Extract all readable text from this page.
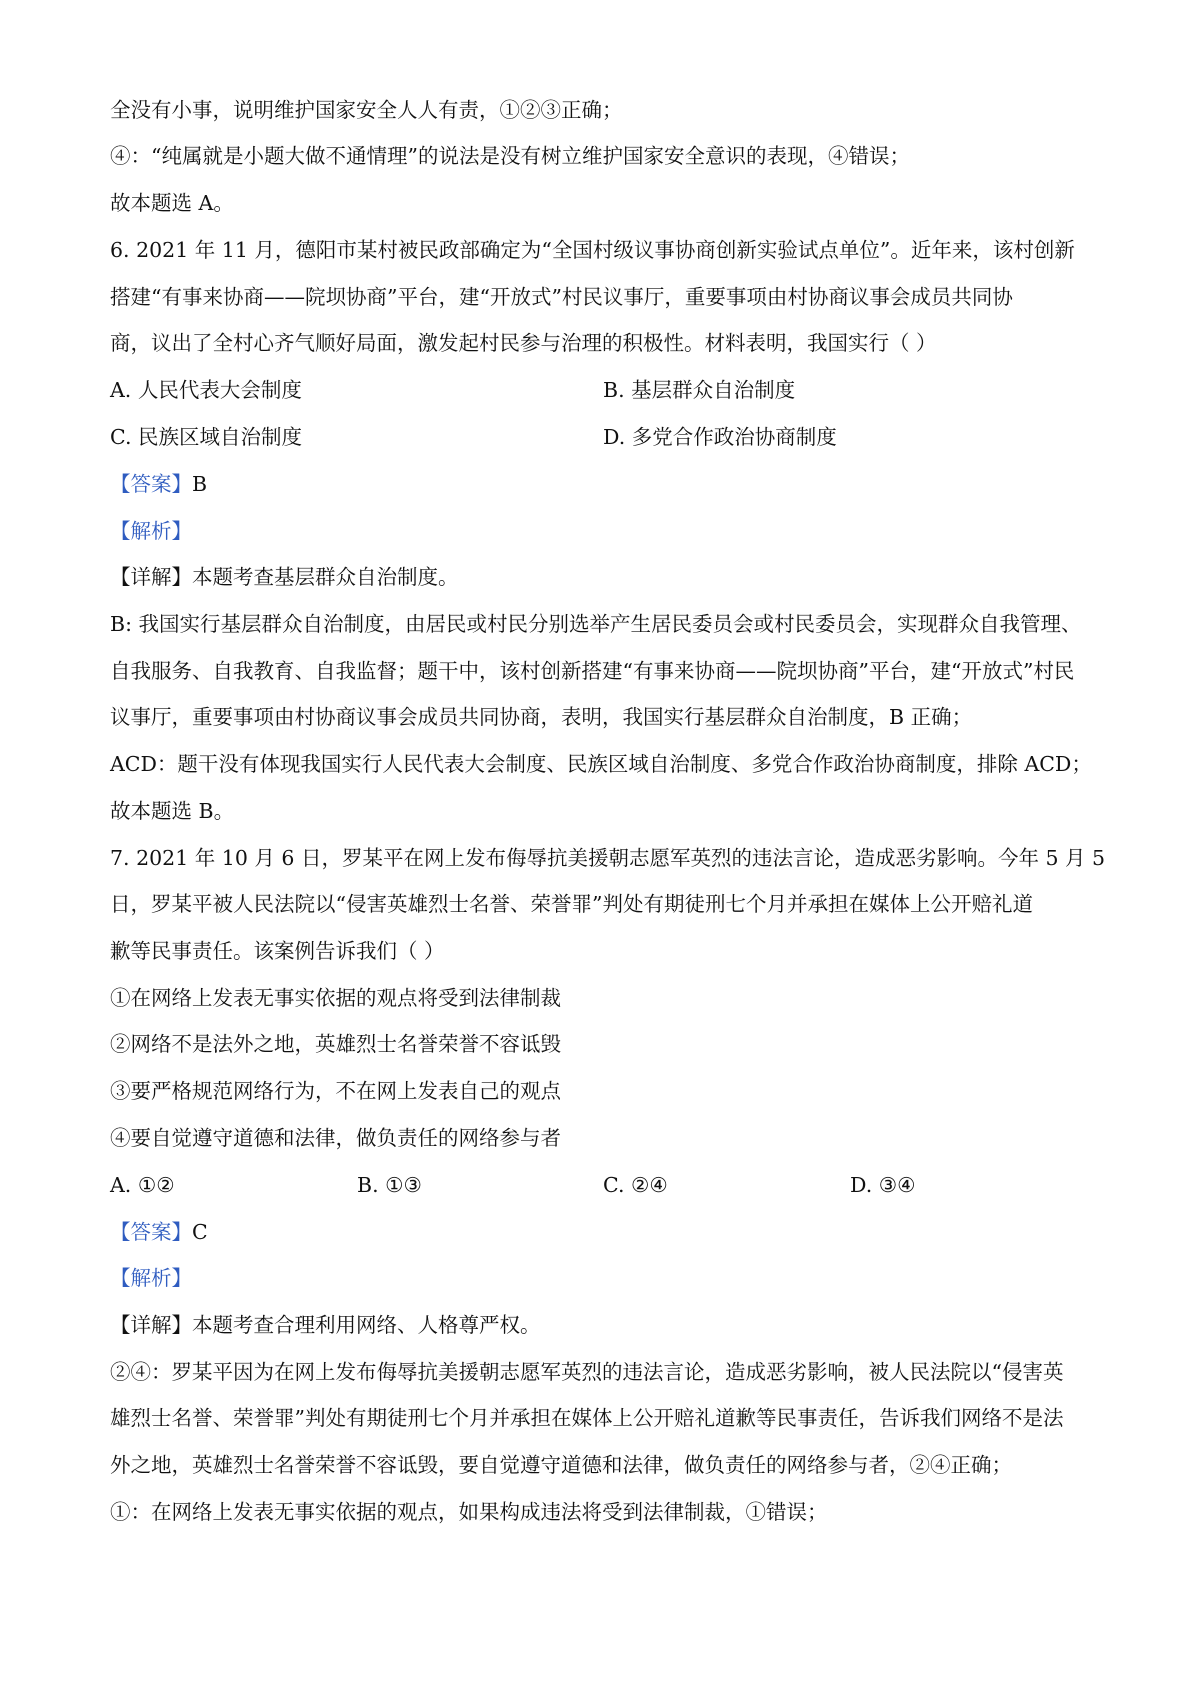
全没有小事，说明维护国家安全人人有责，①②③正确；
④：“纯属就是小题大做不通情理”的说法是没有树立维护国家安全意识的表现，④错误；
故本题选 A。
6. 2021 年 11 月，德阳市某村被民政部确定为“全国村级议事协商创新实验试点单位”。近年来，该村创新
搭建“有事来协商——院坝协商”平台，建“开放式”村民议事厅，重要事项由村协商议事会成员共同协
商，议出了全村心齐气顺好局面，激发起村民参与治理的积极性。材料表明，我国实行（ ）
A. 人民代表大会制度	B. 基层群众自治制度
C. 民族区域自治制度	D. 多党合作政治协商制度
【答案】B
【解析】
【详解】本题考查基层群众自治制度。
B: 我国实行基层群众自治制度，由居民或村民分别选举产生居民委员会或村民委员会，实现群众自我管理、
自我服务、自我教育、自我监督；题干中，该村创新搭建“有事来协商——院坝协商”平台，建“开放式”村民
议事厅，重要事项由村协商议事会成员共同协商，表明，我国实行基层群众自治制度，B 正确；
ACD：题干没有体现我国实行人民代表大会制度、民族区域自治制度、多党合作政治协商制度，排除 ACD；
故本题选 B。
7. 2021 年 10 月 6 日，罗某平在网上发布侮辱抗美援朝志愿军英烈的违法言论，造成恶劣影响。今年 5 月 5
日，罗某平被人民法院以“侵害英雄烈士名誉、荣誉罪”判处有期徒刑七个月并承担在媒体上公开赔礼道
歉等民事责任。该案例告诉我们（ ）
①在网络上发表无事实依据的观点将受到法律制裁
②网络不是法外之地，英雄烈士名誉荣誉不容诋毁
③要严格规范网络行为，不在网上发表自己的观点
④要自觉遵守道德和法律，做负责任的网络参与者
A. ①②	B. ①③	C. ②④	D. ③④
【答案】C
【解析】
【详解】本题考查合理利用网络、人格尊严权。
②④：罗某平因为在网上发布侮辱抗美援朝志愿军英烈的违法言论，造成恶劣影响，被人民法院以“侵害英
雄烈士名誉、荣誉罪”判处有期徒刑七个月并承担在媒体上公开赔礼道歉等民事责任，告诉我们网络不是法
外之地，英雄烈士名誉荣誉不容诋毁，要自觉遵守道德和法律，做负责任的网络参与者，②④正确；
①：在网络上发表无事实依据的观点，如果构成违法将受到法律制裁，①错误；
